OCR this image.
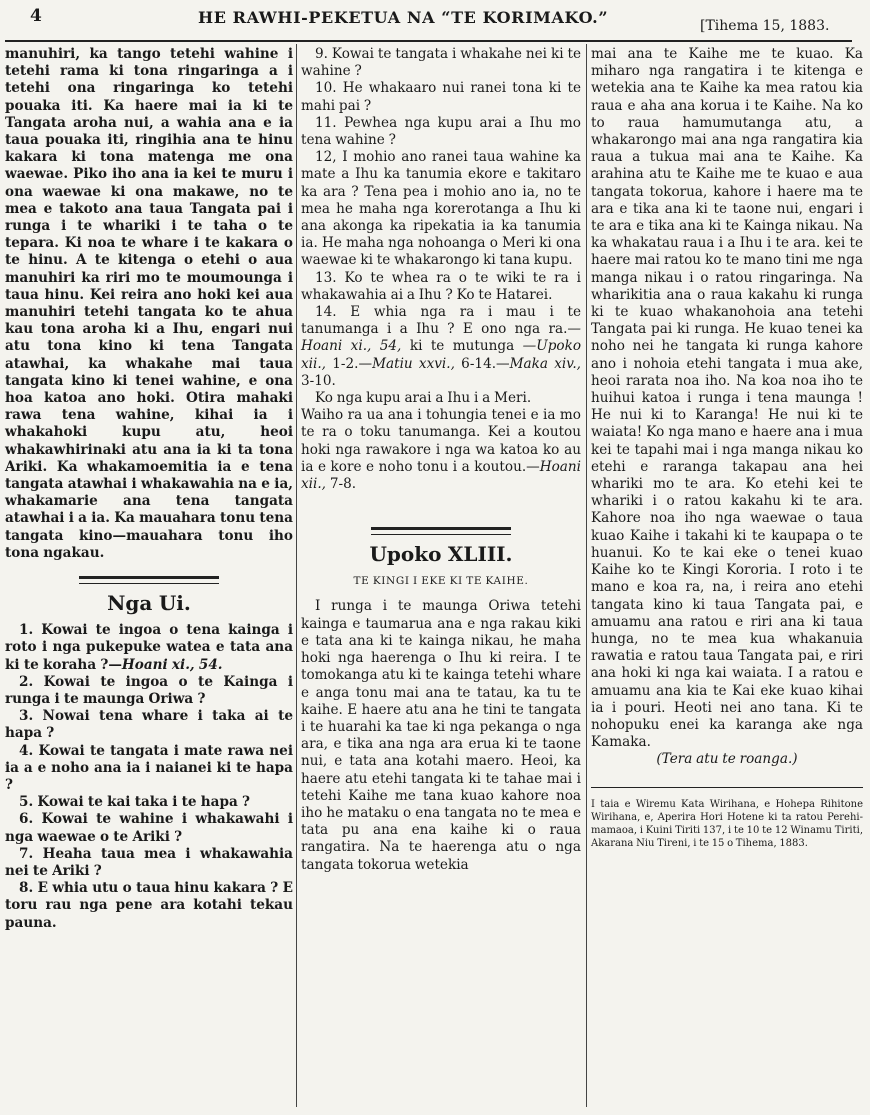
4	HE RAWHI-PEKETUA NA “TE KORIMAKO.”	[Tihema 15, 1883.

manuhiri, ka tango tetehi wahine i tetehi rama ki tona ringaringa a i tetehi ona ringaringa ko tetehi pouaka iti. Ka haere mai ia ki te Tangata aroha nui, a wahia ana e ia taua pouaka iti, ringihia ana te hinu kakara ki tona matenga me ona waewae. Piko iho ana ia kei te muru i ona waewae ki ona makawe, no te mea e takoto ana taua Tangata pai i runga i te whariki i te taha o te tepara. Ki noa te whare i te kakara o te hinu. A te kitenga o etehi o aua manuhiri ka riri mo te moumounga i taua hinu. Kei reira ano hoki kei aua manuhiri tetehi tangata ko te ahua kau tona aroha ki a Ihu, engari nui atu tona kino ki tena Tangata atawhai, ka whakahe mai taua tangata kino ki tenei wahine, e ona hoa katoa ano hoki. Otira mahaki rawa tena wahine, kihai ia i whakahoki kupu atu, heoi whakawhirinaki atu ana ia ki ta tona Ariki. Ka whakamoemitia ia e tena tangata atawhai i whakawahia na e ia, whakamarie ana tena tangata atawhai i a ia. Ka mauahara tonu tena tangata kino—mauahara tonu iho tona ngakau.

Nga Ui.

1. Kowai te ingoa o tena kainga i roto i nga pukepuke watea e tata ana ki te koraha ?—Hoani xi., 54.

2. Kowai te ingoa o te Kainga i runga i te maunga Oriwa ?

3. Nowai tena whare i taka ai te hapa ?

4. Kowai te tangata i mate rawa nei ia a e noho ana ia i naianei ki te hapa ?

5. Kowai te kai taka i te hapa ?

6. Kowai te wahine i whakawahi i nga waewae o te Ariki ?

7. Heaha taua mea i whakawahia nei te Ariki ?

8. E whia utu o taua hinu kakara ? E toru rau nga pene ara kotahi tekau pauna.

9. Kowai te tangata i whakahe nei ki te wahine ?

10. He whakaaro nui ranei tona ki te mahi pai ?

11. Pewhea nga kupu arai a Ihu mo tena wahine ?

12, I mohio ano ranei taua wahine ka mate a Ihu ka tanumia ekore e takitaro ka ara ? Tena pea i mohio ano ia, no te mea he maha nga korerotanga a Ihu ki ana akonga ka ripekatia ia ka tanumia ia. He maha nga nohoanga o Meri ki ona waewae ki te whakarongo ki tana kupu.

13. Ko te whea ra o te wiki te ra i whakawahia ai a Ihu ? Ko te Hatarei.

14. E whia nga ra i mau i te tanumanga i a Ihu ? E ono nga ra.—Hoani xi., 54, ki te mutunga —Upoko xii., 1-2.—Matiu xxvi., 6-14.—Maka xiv., 3-10.

Ko nga kupu arai a Ihu i a Meri.

Waiho ra ua ana i tohungia tenei e ia mo te ra o toku tanumanga. Kei a koutou hoki nga rawakore i nga wa katoa ko au ia e kore e noho tonu i a koutou.—Hoani xii., 7-8.

Upoko XLIII.
TE KINGI I EKE KI TE KAIHE.

I runga i te maunga Oriwa tetehi kainga e taumarua ana e nga rakau kiki e tata ana ki te kainga nikau, he maha hoki nga haerenga o Ihu ki reira. I te tomokanga atu ki te kainga tetehi whare e anga tonu mai ana te tatau, ka tu te kaihe. E haere atu ana he tini te tangata i te huarahi ka tae ki nga pekanga o nga ara, e tika ana nga ara erua ki te taone nui, e tata ana kotahi maero. Heoi, ka haere atu etehi tangata ki te tahae mai i tetehi Kaihe me tana kuao kahore noa iho he mataku o ena tangata no te mea e tata pu ana ena kaihe ki o raua rangatira. Na te haerenga atu o nga tangata tokorua wetekia

mai ana te Kaihe me te kuao. Ka miharo nga rangatira i te kitenga e wetekia ana te Kaihe ka mea ratou kia raua e aha ana korua i te Kaihe. Na ko to raua hamumutanga atu, a whakarongo mai ana nga rangatira kia raua a tukua mai ana te Kaihe. Ka arahina atu te Kaihe me te kuao e aua tangata tokorua, kahore i haere ma te ara e tika ana ki te taone nui, engari i te ara e tika ana ki te Kainga nikau. Na ka whakatau raua i a Ihu i te ara. kei te haere mai ratou ko te mano tini me nga manga nikau i o ratou ringaringa. Na wharikitia ana o raua kakahu ki runga ki te kuao whakanohoia ana tetehi Tangata pai ki runga. He kuao tenei ka noho nei he tangata ki runga kahore ano i nohoia etehi tangata i mua ake, heoi rarata noa iho. Na koa noa iho te huihui katoa i runga i tena maunga ! He nui ki to Karanga! He nui ki te waiata! Ko nga mano e haere ana i mua kei te tapahi mai i nga manga nikau ko etehi e raranga takapau ana hei whariki mo te ara. Ko etehi kei te whariki i o ratou kakahu ki te ara. Kahore noa iho nga waewae o taua kuao Kaihe i takahi ki te kaupapa o te huanui. Ko te kai eke o tenei kuao Kaihe ko te Kingi Kororia. I roto i te mano e koa ra, na, i reira ano etehi tangata kino ki taua Tangata pai, e amuamu ana ratou e riri ana ki taua hunga, no te mea kua whakanuia rawatia e ratou taua Tangata pai, e riri ana hoki ki nga kai waiata. I a ratou e amuamu ana kia te Kai eke kuao kihai ia i pouri. Heoti nei ano tana. Ki te nohopuku enei ka karanga ake nga Kamaka.

(Tera atu te roanga.)

I taia e Wiremu Kata Wirihana, e Hohepa Rihitone Wirihana, e, Aperira Hori Hotene ki ta ratou Perehi-mamaoa, i Kuini Tiriti 137, i te 10 te 12 Winamu Tiriti, Akarana Niu Tireni, i te 15 o Tihema, 1883.
